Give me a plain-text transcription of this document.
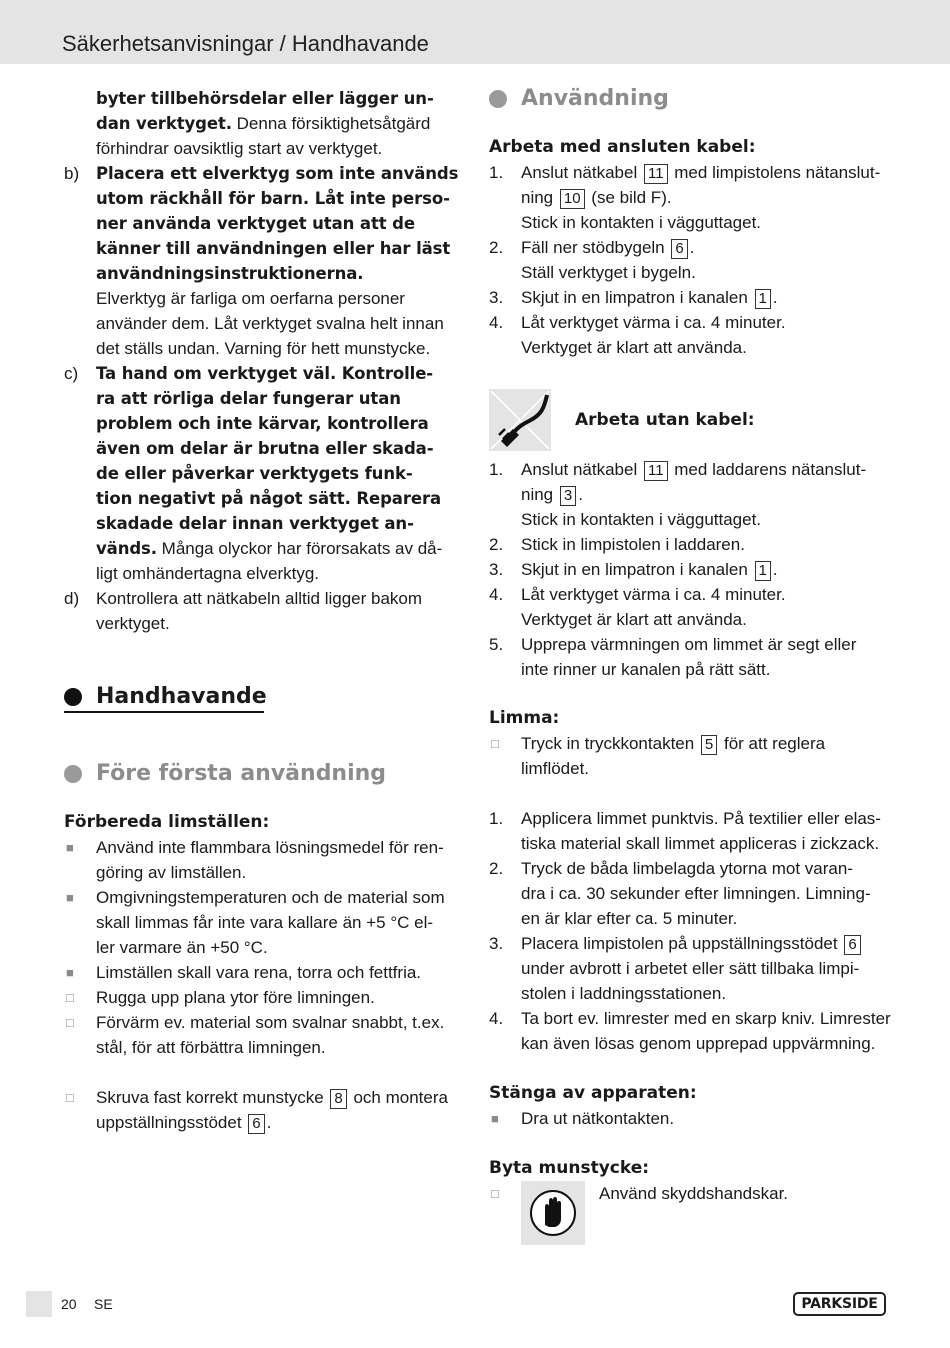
Säkerhetsanvisningar / Handhavande
byter tillbehörsdelar eller lägger un-
dan verktyget. Denna försiktighetsåtgärd
förhindrar oavsiktlig start av verktyget.
b) Placera ett elverktyg som inte används
utom räckhåll för barn. Låt inte perso-
ner använda verktyget utan att de
känner till användningen eller har läst
användningsinstruktionerna.
Elverktyg är farliga om oerfarna personer
använder dem. Låt verktyget svalna helt innan
det ställs undan. Varning för hett munstycke.
c) Ta hand om verktyget väl. Kontrolle-
ra att rörliga delar fungerar utan
problem och inte kärvar, kontrollera
även om delar är brutna eller skada-
de eller påverkar verktygets funk-
tion negativt på något sätt. Reparera
skadade delar innan verktyget an-
vänds. Många olyckor har förorsakats av då-
ligt omhändertagna elverktyg.
d) Kontrollera att nätkabeln alltid ligger bakom
verktyget.
Handhavande
Före första användning
Förbereda limställen:
■ Använd inte flammbara lösningsmedel för ren-
göring av limställen.
■ Omgivningstemperaturen och de material som
skall limmas får inte vara kallare än +5 °C el-
ler varmare än +50 °C.
■ Limställen skall vara rena, torra och fettfria.
□ Rugga upp plana ytor före limningen.
□ Förvärm ev. material som svalnar snabbt, t.ex.
stål, för att förbättra limningen.
□ Skruva fast korrekt munstycke 8 och montera
uppställningsstödet 6 .
Användning
Arbeta med ansluten kabel:
1. Anslut nätkabel 11 med limpistolens nätanslut-
ning 10 (se bild F).
Stick in kontakten i vägguttaget.
2. Fäll ner stödbygeln 6 .
Ställ verktyget i bygeln.
3. Skjut in en limpatron i kanalen 1 .
4. Låt verktyget värma i ca. 4 minuter.
Verktyget är klart att använda.
Arbeta utan kabel:
1. Anslut nätkabel 11 med laddarens nätanslut-
ning 3 .
Stick in kontakten i vägguttaget.
2. Stick in limpistolen i laddaren.
3. Skjut in en limpatron i kanalen 1 .
4. Låt verktyget värma i ca. 4 minuter.
Verktyget är klart att använda.
5. Upprepa värmningen om limmet är segt eller
inte rinner ur kanalen på rätt sätt.
Limma:
□ Tryck in tryckkontakten 5 för att reglera
limflödet.
1. Applicera limmet punktvis. På textilier eller elas-
tiska material skall limmet appliceras i zickzack.
2. Tryck de båda limbelagda ytorna mot varan-
dra i ca. 30 sekunder efter limningen. Limning-
en är klar efter ca. 5 minuter.
3. Placera limpistolen på uppställningsstödet 6
under avbrott i arbetet eller sätt tillbaka limpi-
stolen i laddningsstationen.
4. Ta bort ev. limrester med en skarp kniv. Limrester
kan även lösas genom upprepad uppvärmning.
Stänga av apparaten:
■ Dra ut nätkontakten.
Byta munstycke:
□	Använd skyddshandskar.
20 SE	PARKSIDE
